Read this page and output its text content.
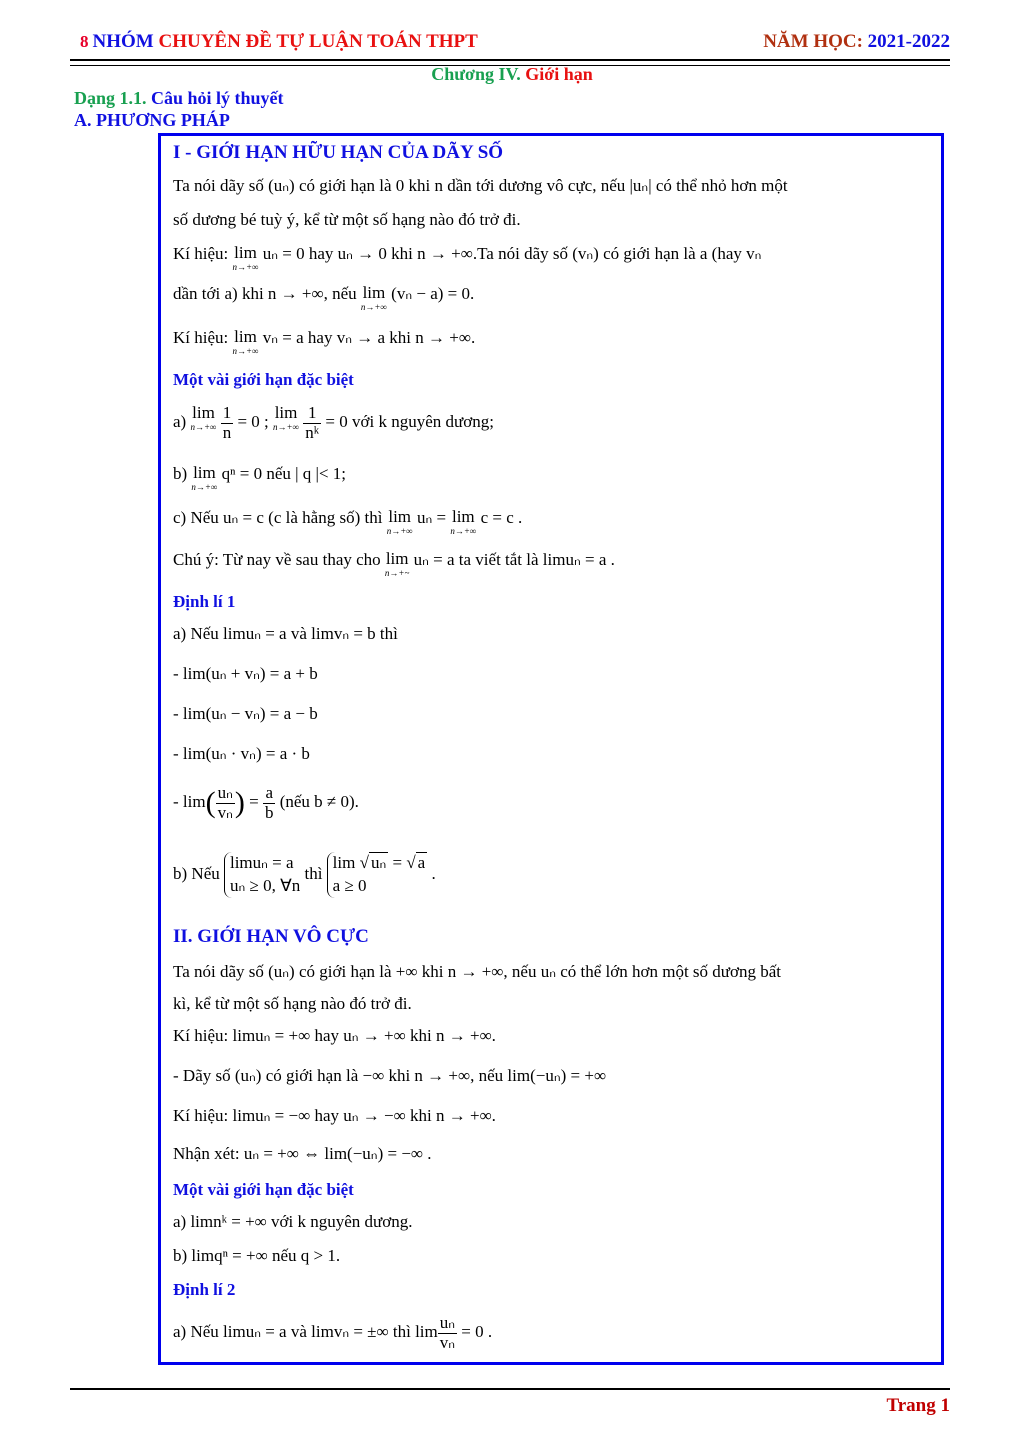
8 NHÓM CHUYÊN ĐỀ TỰ LUẬN TOÁN THPT	NĂM HỌC: 2021-2022
Chương IV. Giới hạn
Dạng 1.1. Câu hỏi lý thuyết
A. PHƯƠNG PHÁP
I - GIỚI HẠN HỮU HẠN CỦA DÃY SỐ
Ta nói dãy số (uₙ) có giới hạn là 0 khi n dần tới dương vô cực, nếu |uₙ| có thể nhỏ hơn một
số dương bé tuỳ ý, kể từ một số hạng nào đó trở đi.
Kí hiệu: lim
n→+∞
uₙ = 0 hay uₙ → 0 khi n → +∞.Ta nói dãy số (vₙ) có giới hạn là a (hay vₙ
dần tới a) khi n → +∞, nếu lim
n→+∞
(vₙ − a) = 0.
Kí hiệu: lim
n→+∞
vₙ = a hay vₙ → a khi n → +∞.
Một vài giới hạn đặc biệt
a) lim
n→+∞
$\frac{1}{n} = 0$ ; lim
n→+∞
$\frac{1}{\text{nᵏ}} = 0$ với k nguyên dương;
b) lim
n→+∞
qⁿ = 0 nếu | q |< 1;
c) Nếu uₙ = c (c là hằng số) thì lim
n→+∞
uₙ = lim
n→+∞
c = c .
Chú ý: Từ nay về sau thay cho lim
n→+~
uₙ = a ta viết tắt là limuₙ = a .
Định lí 1
a) Nếu limuₙ = a và limvₙ = b thì
- lim(uₙ + vₙ) = a + b
- lim(uₙ − vₙ) = a − b
- lim(uₙ · vₙ) = a · b
- $\lim( \frac{\text{uₙ}}{\text{vₙ}}$ ) = $\frac{a}{b}$ (nếu b ≠ 0).
b) Nếu
limuₙ = a
uₙ ≥ 0, ∀n
thì
lim √ uₙ = √ a
a ≥ 0
.
II. GIỚI HẠN VÔ CỰC
Ta nói dãy số (uₙ) có giới hạn là +∞ khi n → +∞, nếu uₙ có thể lớn hơn một số dương bất
kì, kể từ một số hạng nào đó trở đi.
Kí hiệu: limuₙ = +∞ hay uₙ → +∞ khi n → +∞.
- Dãy số (uₙ) có giới hạn là −∞ khi n → +∞, nếu lim(−uₙ) = +∞
Kí hiệu: limuₙ = −∞ hay uₙ → −∞ khi n → +∞.
Nhận xét: uₙ = +∞ ⇔ lim(−uₙ) = −∞ .
Một vài giới hạn đặc biệt
a) limnᵏ = +∞ với k nguyên dương.
b) limqⁿ = +∞ nếu q > 1.
Định lí 2
a) Nếu limuₙ = a và limvₙ = ±∞ thì $\lim \frac{\text{uₙ}}{\text{vₙ}} = 0$ .
Trang 1
